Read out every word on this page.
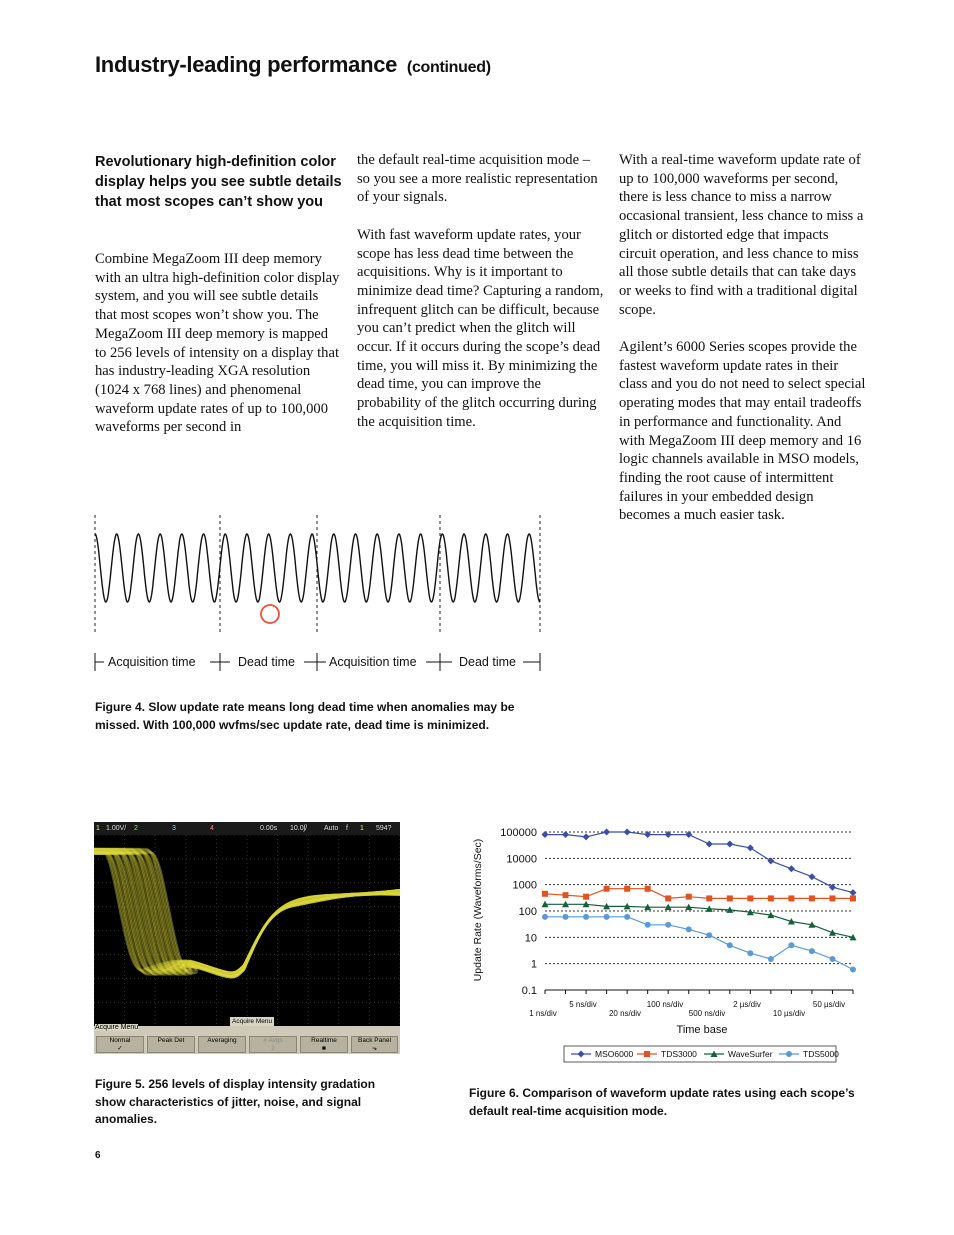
Industry-leading performance (continued)
Revolutionary high-definition color display helps you see subtle details that most scopes can’t show you

Combine MegaZoom III deep memory with an ultra high-definition color display system, and you will see subtle details that most scopes won’t show you. The MegaZoom III deep memory is mapped to 256 levels of intensity on a display that has industry-leading XGA resolution (1024 x 768 lines) and phenomenal waveform update rates of up to 100,000 waveforms per second in

the default real-time acquisition mode – so you see a more realistic representation of your signals.

With fast waveform update rates, your scope has less dead time between the acquisitions. Why is it important to minimize dead time? Capturing a random, infrequent glitch can be difficult, because you can’t predict when the glitch will occur. If it occurs during the scope’s dead time, you will miss it. By minimizing the dead time, you can improve the probability of the glitch occurring during the acquisition time.

With a real-time waveform update rate of up to 100,000 waveforms per second, there is less chance to miss a narrow occasional transient, less chance to miss a glitch or distorted edge that impacts circuit operation, and less chance to miss all those subtle details that can take days or weeks to find with a traditional digital scope.

Agilent’s 6000 Series scopes provide the fastest waveform update rates in their class and you do not need to select special operating modes that may entail tradeoffs in performance and functionality. And with MegaZoom III deep memory and 16 logic channels available in MSO models, finding the root cause of intermittent failures in your embedded design becomes a much easier task.

Acquisition time	Dead time	Acquisition time	Dead time
Figure 4. Slow update rate means long dead time when anomalies may be missed. With 100,000 wvfms/sec update rate, dead time is minimized.
1 1.00V/ 2	3	4	0.00s 10.0ʃ/ Auto f 1 594?
Acquire Menu
Acquire Menu
Normal
✓
Peak Det	Averaging	# Avgs
2
Realtime
■
Back Panel
⬎
Figure 5. 256 levels of display intensity gradation show characteristics of jitter, noise, and signal anomalies.
Update Rate (Waveforms/Sec)
Time base
100000
10000
1000
100
10
1
0.1
5 ns/div	100 ns/div	2 µs/div	50 µs/div
1 ns/div	20 ns/div	500 ns/div	10 µs/div
MSO6000	TDS3000	WaveSurfer	TDS5000
Figure 6. Comparison of waveform update rates using each scope’s default real-time acquisition mode.
6
